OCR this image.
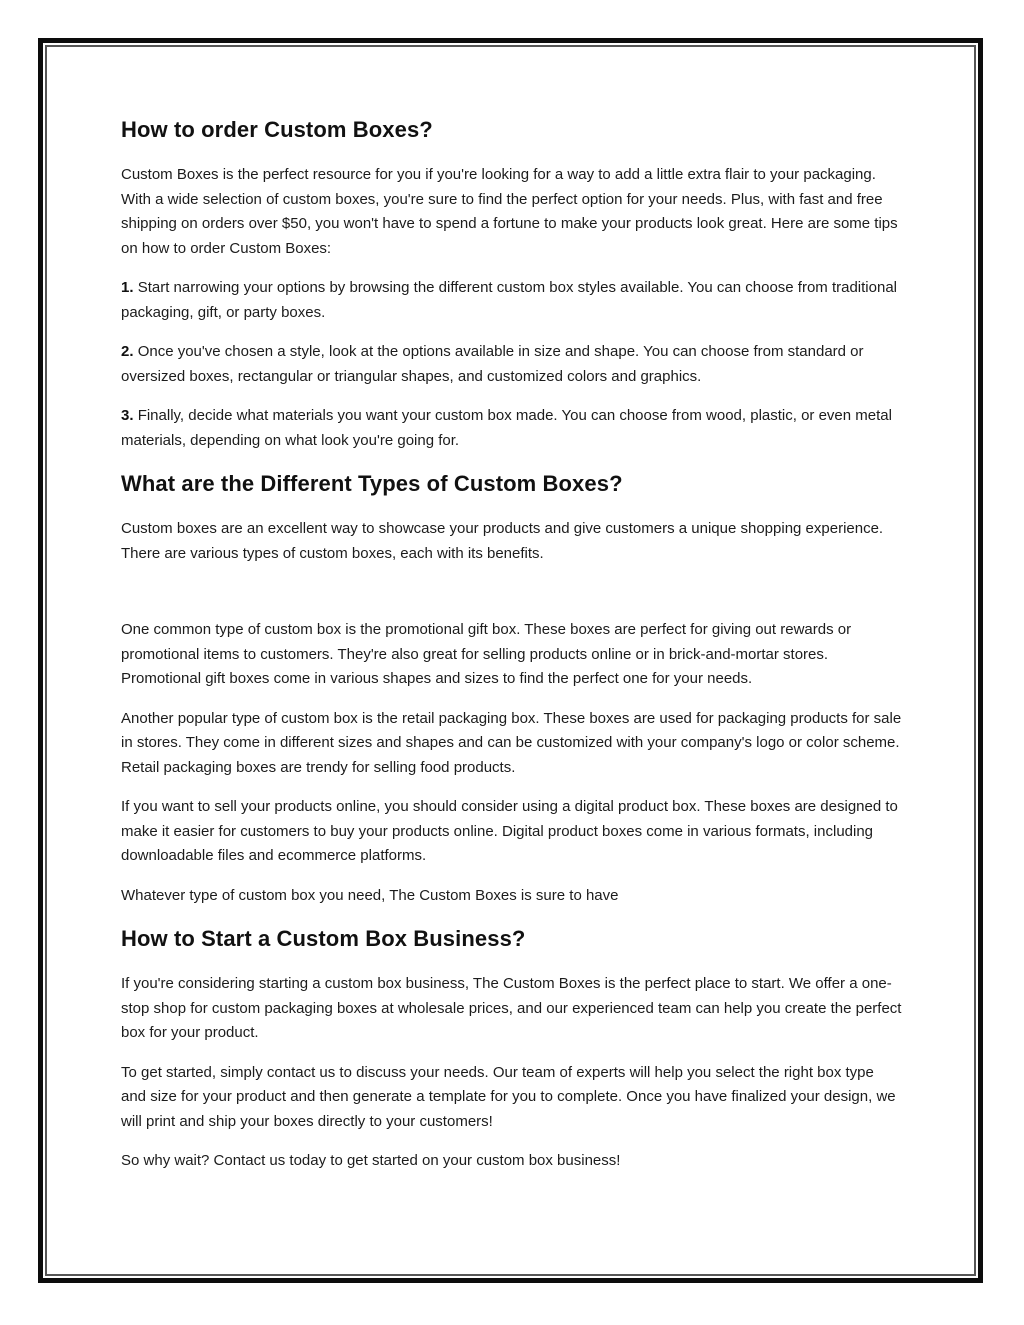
How to order Custom Boxes?

Custom Boxes is the perfect resource for you if you're looking for a way to add a little extra flair to your packaging. With a wide selection of custom boxes, you're sure to find the perfect option for your needs. Plus, with fast and free shipping on orders over $50, you won't have to spend a fortune to make your products look great. Here are some tips on how to order Custom Boxes:

1. Start narrowing your options by browsing the different custom box styles available. You can choose from traditional packaging, gift, or party boxes.

2. Once you've chosen a style, look at the options available in size and shape. You can choose from standard or oversized boxes, rectangular or triangular shapes, and customized colors and graphics.

3. Finally, decide what materials you want your custom box made. You can choose from wood, plastic, or even metal materials, depending on what look you're going for.

What are the Different Types of Custom Boxes?

Custom boxes are an excellent way to showcase your products and give customers a unique shopping experience. There are various types of custom boxes, each with its benefits.

One common type of custom box is the promotional gift box. These boxes are perfect for giving out rewards or promotional items to customers. They're also great for selling products online or in brick-and-mortar stores. Promotional gift boxes come in various shapes and sizes to find the perfect one for your needs.

Another popular type of custom box is the retail packaging box. These boxes are used for packaging products for sale in stores. They come in different sizes and shapes and can be customized with your company's logo or color scheme. Retail packaging boxes are trendy for selling food products.

If you want to sell your products online, you should consider using a digital product box. These boxes are designed to make it easier for customers to buy your products online. Digital product boxes come in various formats, including downloadable files and ecommerce platforms.

Whatever type of custom box you need, The Custom Boxes is sure to have

How to Start a Custom Box Business?

If you're considering starting a custom box business, The Custom Boxes is the perfect place to start. We offer a one-stop shop for custom packaging boxes at wholesale prices, and our experienced team can help you create the perfect box for your product.

To get started, simply contact us to discuss your needs. Our team of experts will help you select the right box type and size for your product and then generate a template for you to complete. Once you have finalized your design, we will print and ship your boxes directly to your customers!

So why wait? Contact us today to get started on your custom box business!
